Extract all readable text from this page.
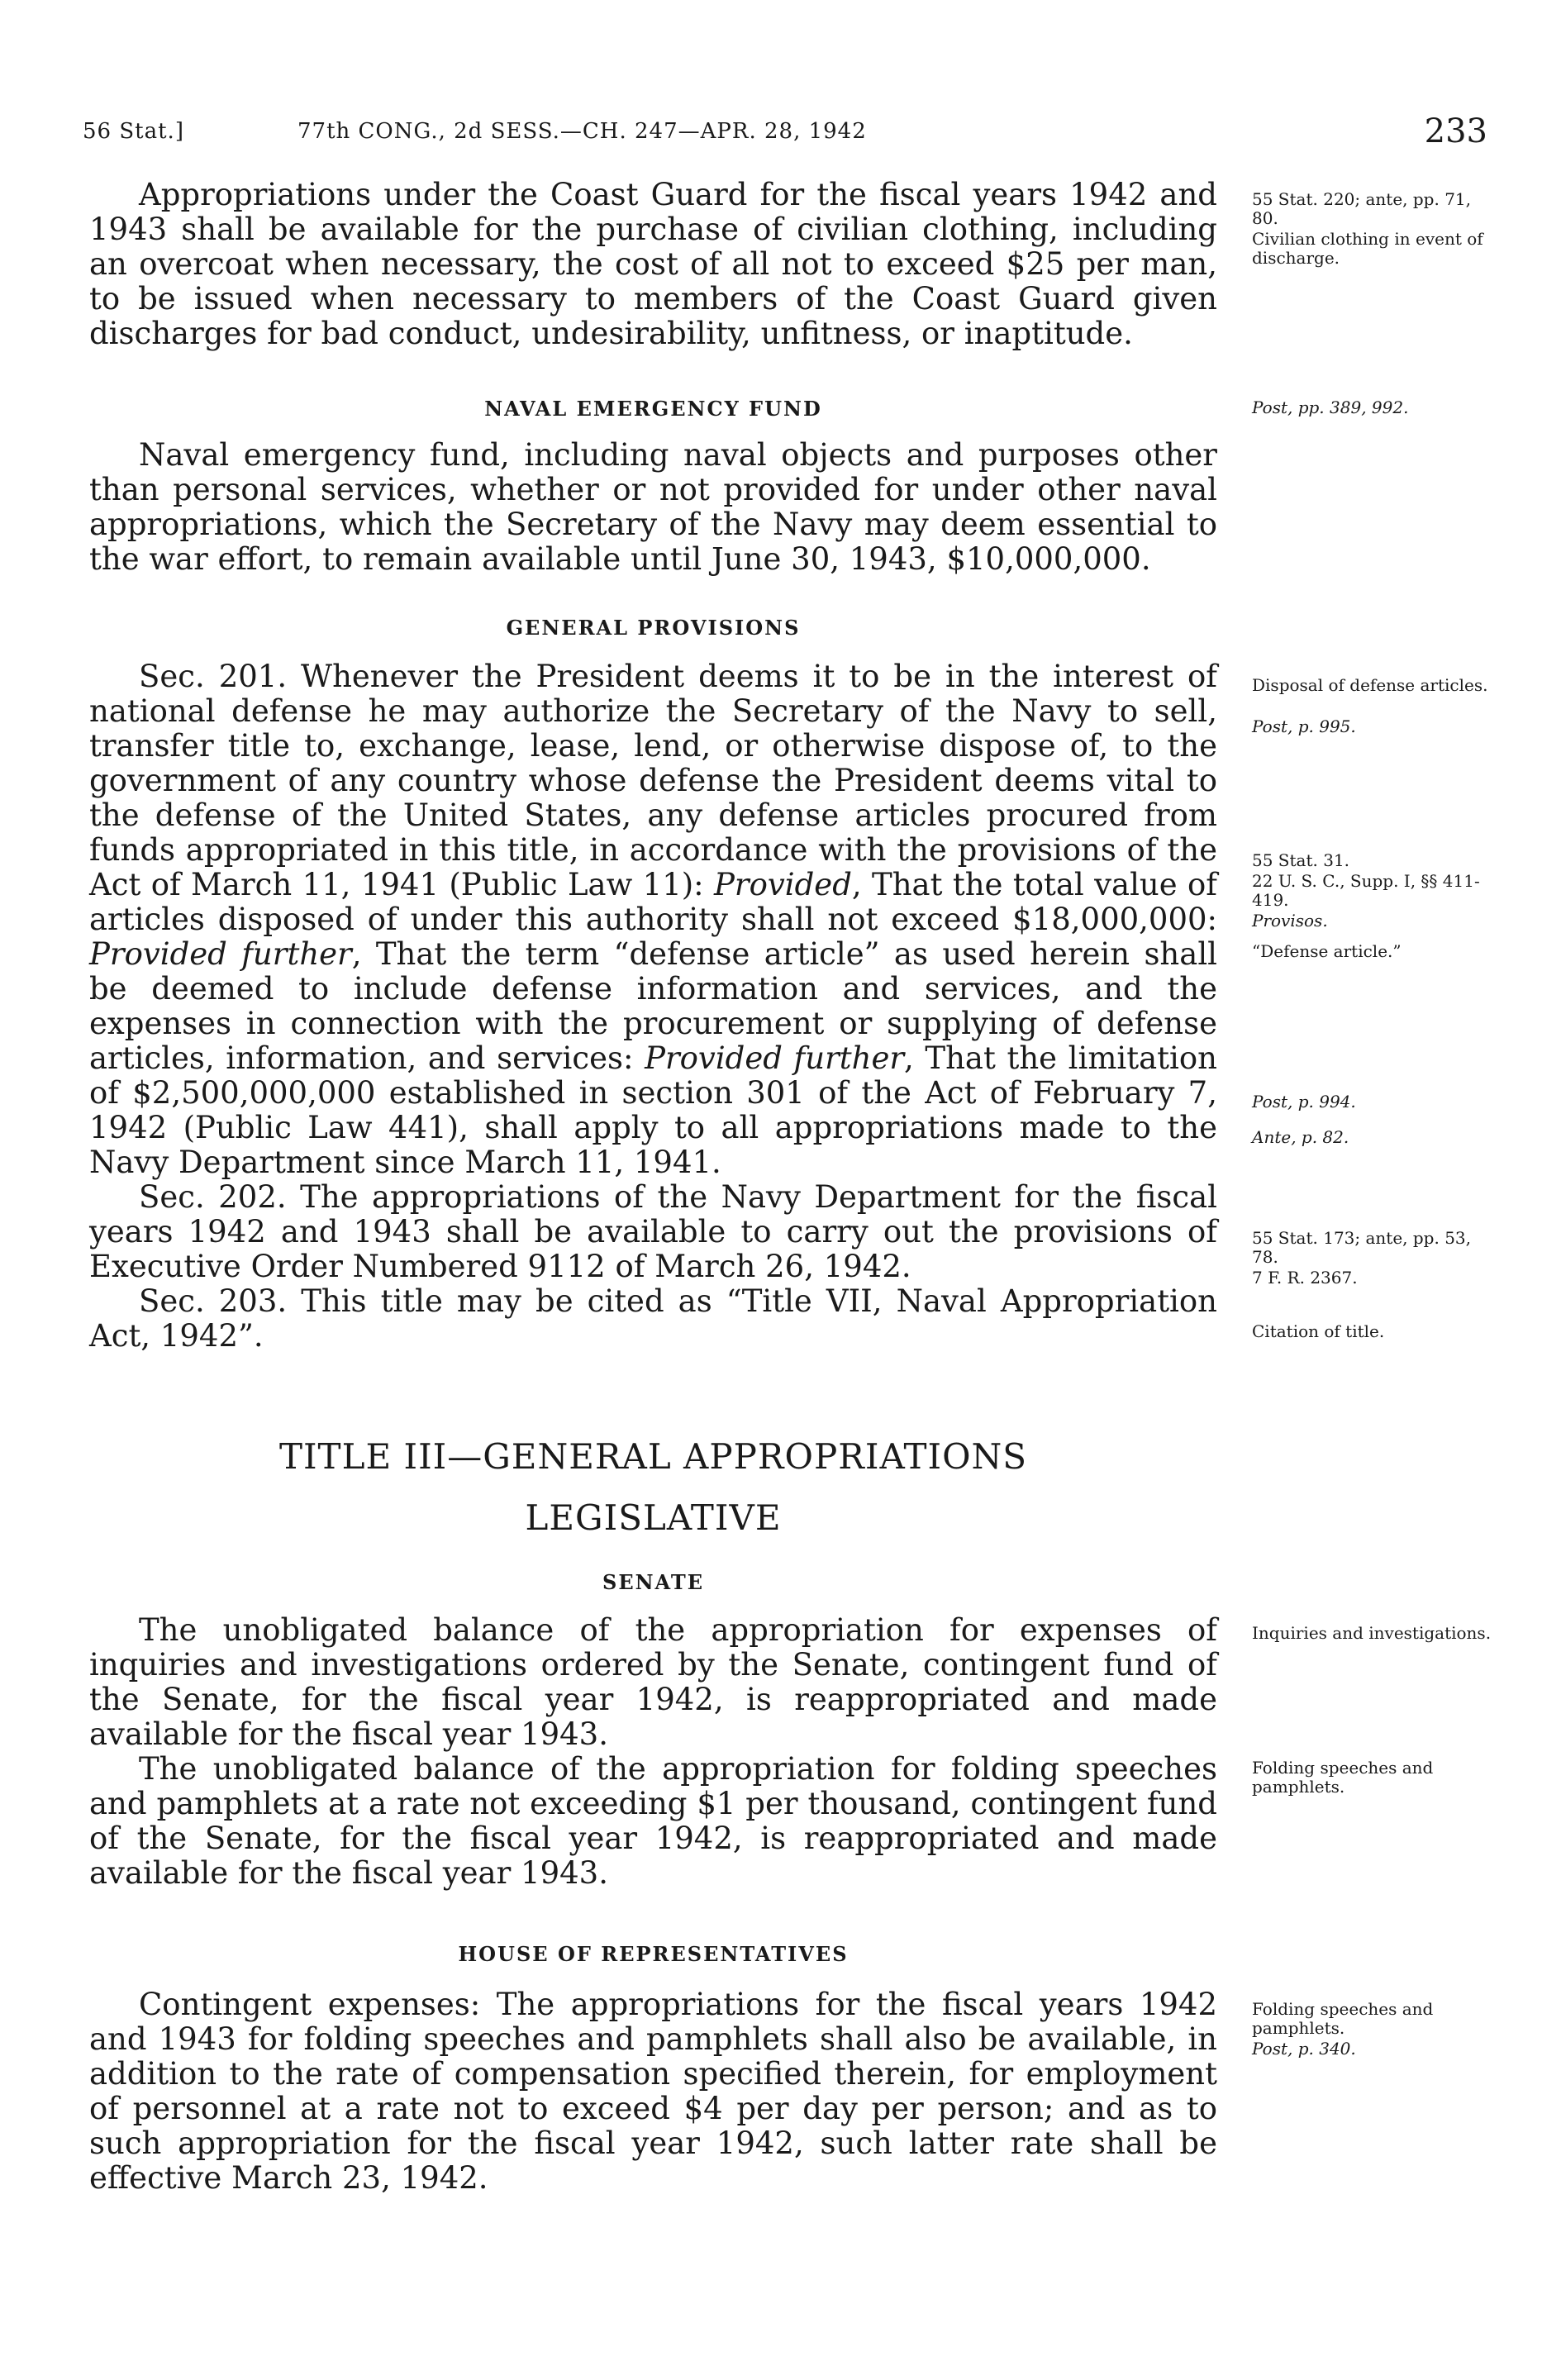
56 Stat.]	77th CONG., 2d SESS.—CH. 247—APR. 28, 1942	233

Appropriations under the Coast Guard for the fiscal years 1942 and 1943 shall be available for the purchase of civilian clothing, including an overcoat when necessary, the cost of all not to exceed $25 per man, to be issued when necessary to members of the Coast Guard given discharges for bad conduct, undesirability, unfitness, or inaptitude.

NAVAL EMERGENCY FUND

Naval emergency fund, including naval objects and purposes other than personal services, whether or not provided for under other naval appropriations, which the Secretary of the Navy may deem essential to the war effort, to remain available until June 30, 1943, $10,000,000.

GENERAL PROVISIONS

Sec. 201. Whenever the President deems it to be in the interest of national defense he may authorize the Secretary of the Navy to sell, transfer title to, exchange, lease, lend, or otherwise dispose of, to the government of any country whose defense the President deems vital to the defense of the United States, any defense articles procured from funds appropriated in this title, in accordance with the provisions of the Act of March 11, 1941 (Public Law 11): Provided, That the total value of articles disposed of under this authority shall not exceed $18,000,000: Provided further, That the term “defense article” as used herein shall be deemed to include defense information and services, and the expenses in connection with the procurement or supplying of defense articles, information, and services: Provided further, That the limitation of $2,500,000,000 established in section 301 of the Act of February 7, 1942 (Public Law 441), shall apply to all appropriations made to the Navy Department since March 11, 1941.

Sec. 202. The appropriations of the Navy Department for the fiscal years 1942 and 1943 shall be available to carry out the provisions of Executive Order Numbered 9112 of March 26, 1942.

Sec. 203. This title may be cited as “Title VII, Naval Appropriation Act, 1942”.

TITLE III—GENERAL APPROPRIATIONS
LEGISLATIVE
SENATE

The unobligated balance of the appropriation for expenses of inquiries and investigations ordered by the Senate, contingent fund of the Senate, for the fiscal year 1942, is reappropriated and made available for the fiscal year 1943.

The unobligated balance of the appropriation for folding speeches and pamphlets at a rate not exceeding $1 per thousand, contingent fund of the Senate, for the fiscal year 1942, is reappropriated and made available for the fiscal year 1943.

HOUSE OF REPRESENTATIVES

Contingent expenses: The appropriations for the fiscal years 1942 and 1943 for folding speeches and pamphlets shall also be available, in addition to the rate of compensation specified therein, for employment of personnel at a rate not to exceed $4 per day per person; and as to such appropriation for the fiscal year 1942, such latter rate shall be effective March 23, 1942.

55 Stat. 220; ante, pp. 71, 80.
Civilian clothing in event of discharge.
Post, pp. 389, 992.
Disposal of defense articles.
Post, p. 995.
55 Stat. 31.
22 U. S. C., Supp. I, §§ 411-419.
Provisos.
“Defense article.”
Post, p. 994.
Ante, p. 82.
55 Stat. 173; ante, pp. 53, 78.
7 F. R. 2367.
Citation of title.
Inquiries and investigations.
Folding speeches and pamphlets.
Folding speeches and pamphlets.
Post, p. 340.
